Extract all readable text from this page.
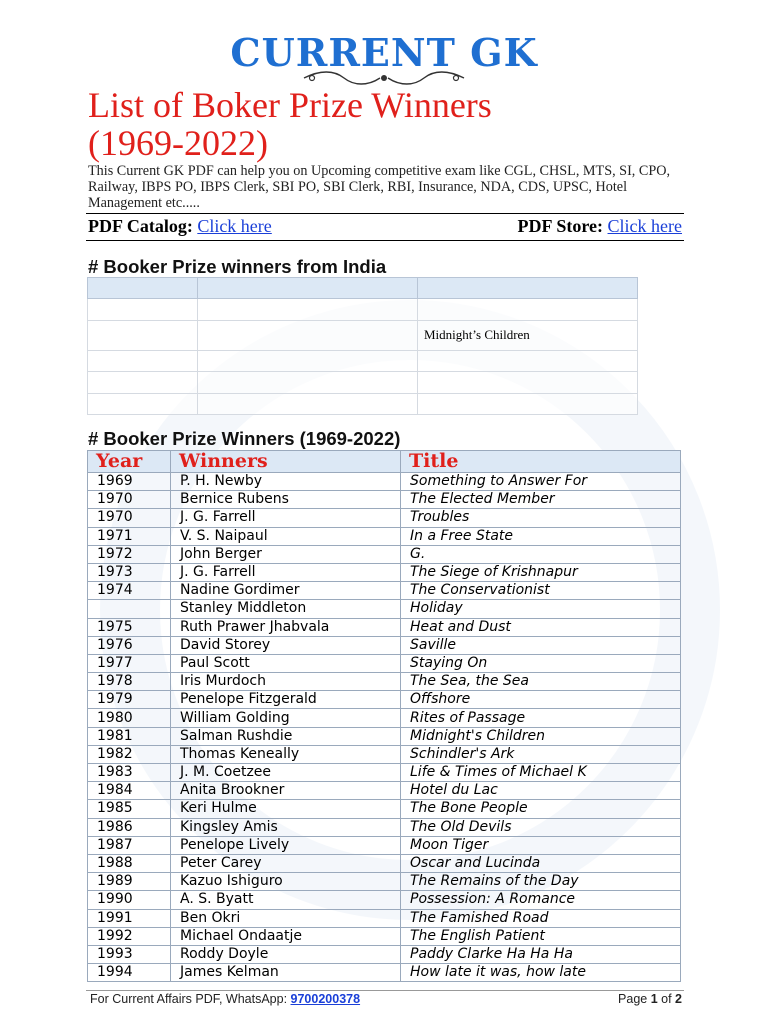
CURRENT GK
List of Boker Prize Winners
(1969-2022)
This Current GK PDF can help you on Upcoming competitive exam like CGL, CHSL, MTS, SI, CPO, Railway, IBPS PO, IBPS Clerk, SBI PO, SBI Clerk, RBI, Insurance, NDA, CDS, UPSC, Hotel Management etc.....
PDF Catalog: Click here	PDF Store: Click here
# Booker Prize winners from India

		Midnight’s Children

# Booker Prize Winners (1969-2022)
Year	Winners	Title
1969	P. H. Newby	Something to Answer For
1970	Bernice Rubens	The Elected Member
1970	J. G. Farrell	Troubles
1971	V. S. Naipaul	In a Free State
1972	John Berger	G.
1973	J. G. Farrell	The Siege of Krishnapur
1974	Nadine Gordimer	The Conservationist
	Stanley Middleton	Holiday
1975	Ruth Prawer Jhabvala	Heat and Dust
1976	David Storey	Saville
1977	Paul Scott	Staying On
1978	Iris Murdoch	The Sea, the Sea
1979	Penelope Fitzgerald	Offshore
1980	William Golding	Rites of Passage
1981	Salman Rushdie	Midnight's Children
1982	Thomas Keneally	Schindler's Ark
1983	J. M. Coetzee	Life & Times of Michael K
1984	Anita Brookner	Hotel du Lac
1985	Keri Hulme	The Bone People
1986	Kingsley Amis	The Old Devils
1987	Penelope Lively	Moon Tiger
1988	Peter Carey	Oscar and Lucinda
1989	Kazuo Ishiguro	The Remains of the Day
1990	A. S. Byatt	Possession: A Romance
1991	Ben Okri	The Famished Road
1992	Michael Ondaatje	The English Patient
1993	Roddy Doyle	Paddy Clarke Ha Ha Ha
1994	James Kelman	How late it was, how late
For Current Affairs PDF, WhatsApp: 9700200378	Page 1 of 2
